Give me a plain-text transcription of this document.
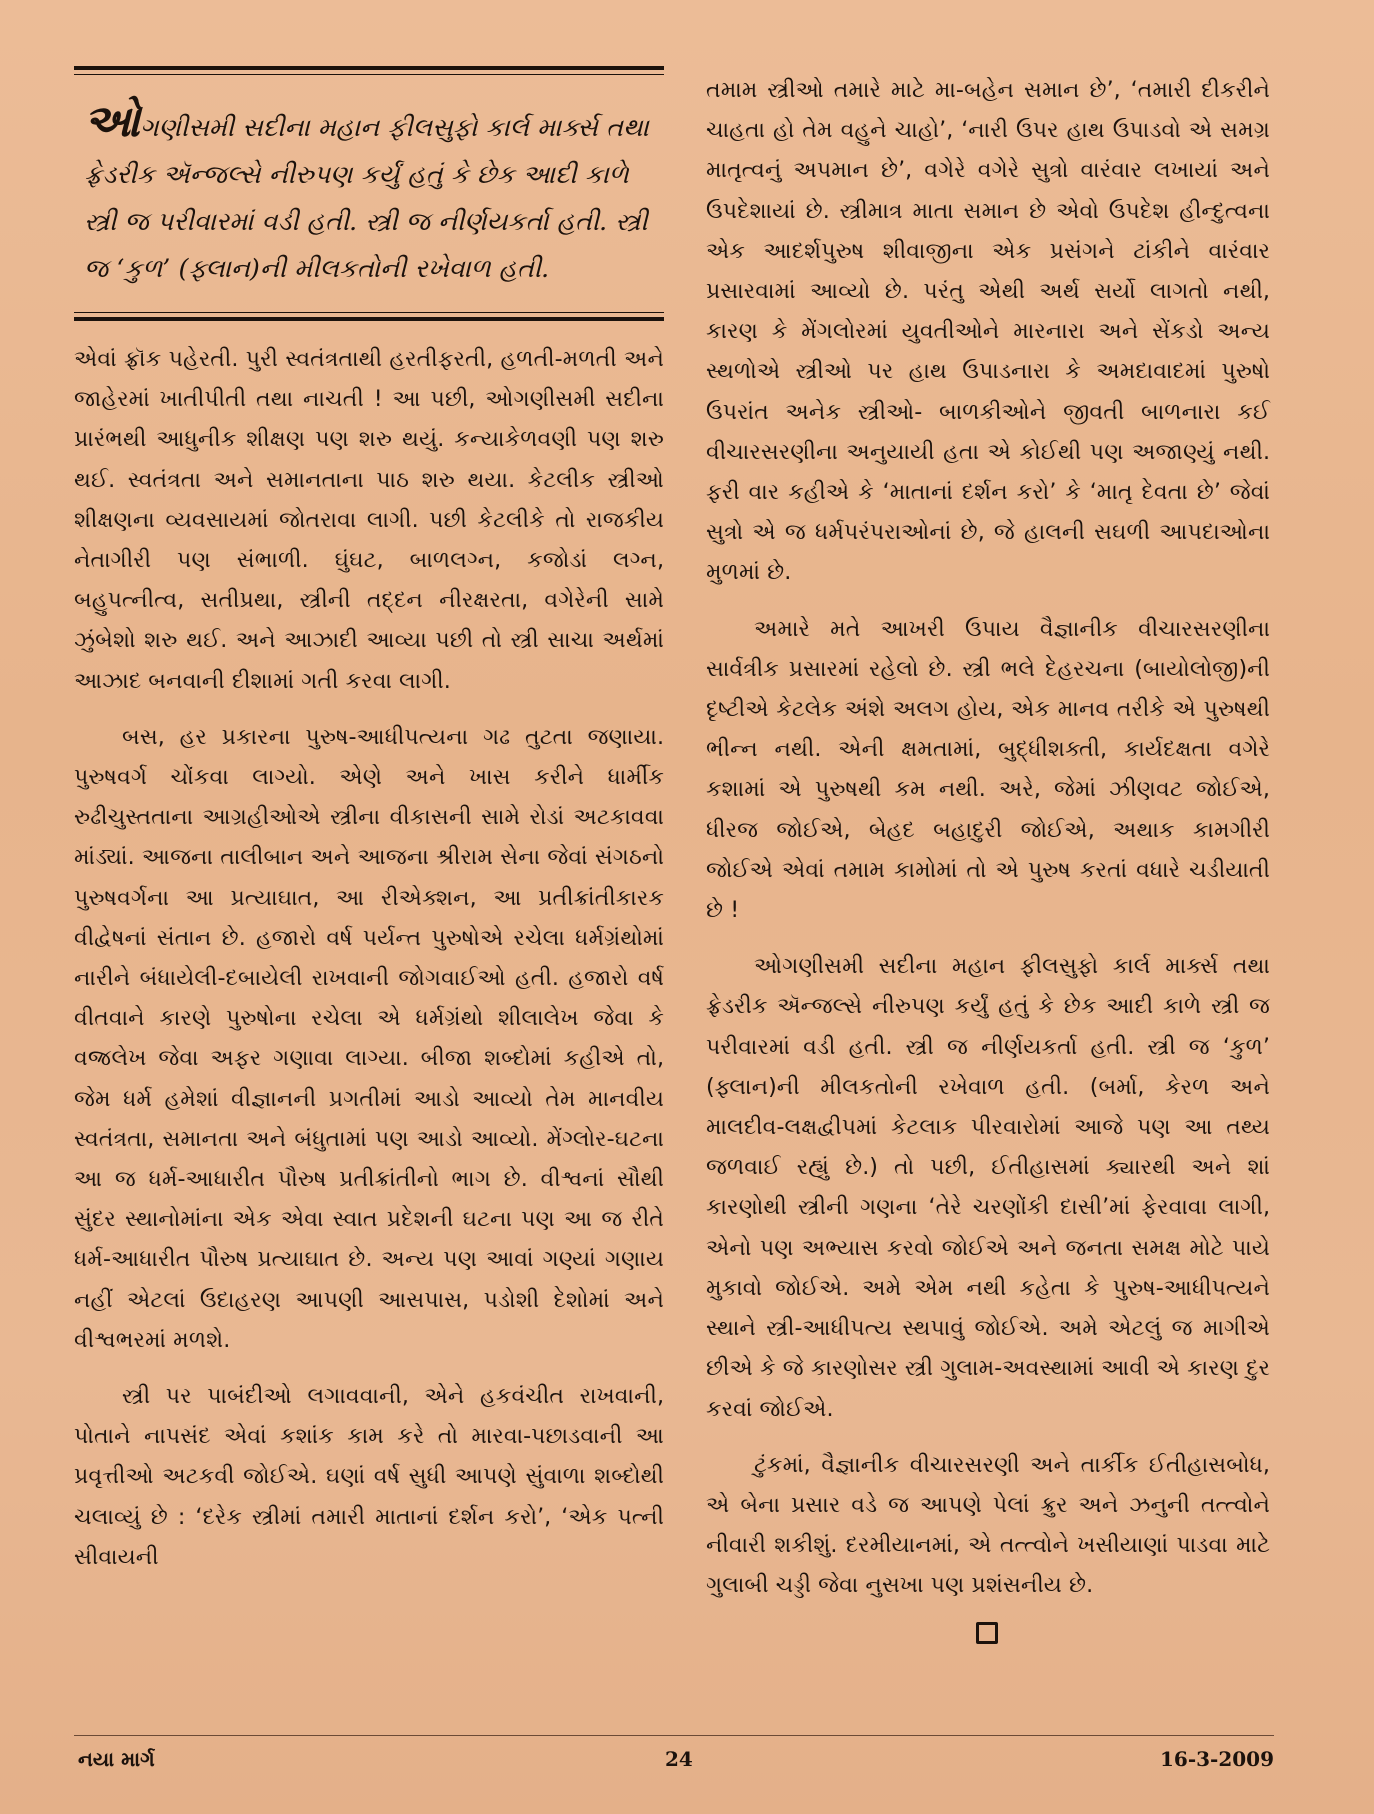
ઓગણીસમી સદીના મહાન ફીલસુફો કાર્લ માર્ક્સ તથા ફ્રેડરીક ઍન્જલ્સે નીરુપણ કર્યું હતું કે છેક આદી કાળે સ્ત્રી જ પરીવારમાં વડી હતી. સ્ત્રી જ નીર્ણયકર્તા હતી. સ્ત્રી જ ‘કુળ’ (ફ્લાન)ની મીલકતોની રખેવાળ હતી.

એવાં ફ્રૉક પહેરતી. પુરી સ્વતંત્રતાથી હરતીફરતી, હળતી-મળતી અને જાહેરમાં ખાતીપીતી તથા નાચતી ! આ પછી, ઓગણીસમી સદીના પ્રારંભથી આધુનીક શીક્ષણ પણ શરુ થયું. કન્યાકેળવણી પણ શરુ થઈ. સ્વતંત્રતા અને સમાનતાના પાઠ શરુ થયા. કેટલીક સ્ત્રીઓ શીક્ષણના વ્યવસાયમાં જોતરાવા લાગી. પછી કેટલીકે તો રાજકીય નેતાગીરી પણ સંભાળી. ઘુંઘટ, બાળલગ્ન, કજોડાં લગ્ન, બહુપત્નીત્વ, સતીપ્રથા, સ્ત્રીની તદ્દન નીરક્ષરતા, વગેરેની સામે ઝુંબેશો શરુ થઈ. અને આઝાદી આવ્યા પછી તો સ્ત્રી સાચા અર્થમાં આઝાદ બનવાની દીશામાં ગતી કરવા લાગી.

બસ, હર પ્રકારના પુરુષ-આધીપત્યના ગઢ તુટતા જણાયા. પુરુષવર્ગ ચોંકવા લાગ્યો. એણે અને ખાસ કરીને ધાર્મીક રુઢીચુસ્તતાના આગ્રહીઓએ સ્ત્રીના વીકાસની સામે રોડાં અટકાવવા માંડ્યાં. આજના તાલીબાન અને આજના શ્રીરામ સેના જેવાં સંગઠનો પુરુષવર્ગના આ પ્રત્યાઘાત, આ રીએક્શન, આ પ્રતીક્રાંતીકારક વીદ્વેષનાં સંતાન છે. હજારો વર્ષ પર્યન્ત પુરુષોએ રચેલા ધર્મગ્રંથોમાં નારીને બંધાયેલી-દબાયેલી રાખવાની જોગવાઈઓ હતી. હજારો વર્ષ વીતવાને કારણે પુરુષોના રચેલા એ ધર્મગ્રંથો શીલાલેખ જેવા કે વજ્રલેખ જેવા અફર ગણાવા લાગ્યા. બીજા શબ્દોમાં કહીએ તો, જેમ ધર્મ હમેશાં વીજ્ઞાનની પ્રગતીમાં આડો આવ્યો તેમ માનવીય સ્વતંત્રતા, સમાનતા અને બંધુતામાં પણ આડો આવ્યો. મેંગ્લોર-ઘટના આ જ ધર્મ-આધારીત પૌરુષ પ્રતીક્રાંતીનો ભાગ છે. વીશ્વનાં સૌથી સુંદર સ્થાનોમાંના એક એવા સ્વાત પ્રદેશની ઘટના પણ આ જ રીતે ધર્મ-આધારીત પૌરુષ પ્રત્યાઘાત છે. અન્ય પણ આવાં ગણ્યાં ગણાય નહીં એટલાં ઉદાહરણ આપણી આસપાસ, પડોશી દેશોમાં અને વીશ્વભરમાં મળશે.

સ્ત્રી પર પાબંદીઓ લગાવવાની, એને હકવંચીત રાખવાની, પોતાને નાપસંદ એવાં કશાંક કામ કરે તો મારવા-પછાડવાની આ પ્રવૃત્તીઓ અટકવી જોઈએ. ઘણાં વર્ષ સુધી આપણે સુંવાળા શબ્દોથી ચલાવ્યું છે : ‘દરેક સ્ત્રીમાં તમારી માતાનાં દર્શન કરો’, ‘એક પત્ની સીવાયની

તમામ સ્ત્રીઓ તમારે માટે મા-બહેન સમાન છે’, ‘તમારી દીકરીને ચાહતા હો તેમ વહુને ચાહો’, ‘નારી ઉપર હાથ ઉપાડવો એ સમગ્ર માતૃત્વનું અપમાન છે’, વગેરે વગેરે સુત્રો વારંવાર લખાયાં અને ઉપદેશાયાં છે. સ્ત્રીમાત્ર માતા સમાન છે એવો ઉપદેશ હીન્દુત્વના એક આદર્શપુરુષ શીવાજીના એક પ્રસંગને ટાંકીને વારંવાર પ્રસારવામાં આવ્યો છે. પરંતુ એથી અર્થ સર્યો લાગતો નથી, કારણ કે મેંગલોરમાં યુવતીઓને મારનારા અને સેંકડો અન્ય સ્થળોએ સ્ત્રીઓ પર હાથ ઉપાડનારા કે અમદાવાદમાં પુરુષો ઉપરાંત અનેક સ્ત્રીઓ- બાળકીઓને જીવતી બાળનારા કઈ વીચારસરણીના અનુયાયી હતા એ કોઈથી પણ અજાણ્યું નથી. ફરી વાર કહીએ કે ‘માતાનાં દર્શન કરો’ કે ‘માતૃ દેવતા છે’ જેવાં સુત્રો એ જ ધર્મપરંપરાઓનાં છે, જે હાલની સઘળી આપદાઓના મુળમાં છે.

અમારે મતે આખરી ઉપાય વૈજ્ઞાનીક વીચારસરણીના સાર્વત્રીક પ્રસારમાં રહેલો છે. સ્ત્રી ભલે દેહરચના (બાયોલોજી)ની દૃષ્ટીએ કેટલેક અંશે અલગ હોય, એક માનવ તરીકે એ પુરુષથી ભીન્ન નથી. એની ક્ષમતામાં, બુદ્ધીશક્તી, કાર્યદક્ષતા વગેરે કશામાં એ પુરુષથી કમ નથી. અરે, જેમાં ઝીણવટ જોઈએ, ધીરજ જોઈએ, બેહદ બહાદુરી જોઈએ, અથાક કામગીરી જોઈએ એવાં તમામ કામોમાં તો એ પુરુષ કરતાં વધારે ચડીયાતી છે !

ઓગણીસમી સદીના મહાન ફીલસુફો કાર્લ માર્ક્સ તથા ફ્રેડરીક ઍન્જલ્સે નીરુપણ કર્યું હતું કે છેક આદી કાળે સ્ત્રી જ પરીવારમાં વડી હતી. સ્ત્રી જ નીર્ણયકર્તા હતી. સ્ત્રી જ ‘કુળ’ (ફ્લાન)ની મીલકતોની રખેવાળ હતી. (બર્મા, કેરળ અને માલદીવ-લક્ષદ્વીપમાં કેટલાક પીરવારોમાં આજે પણ આ તથ્ય જળવાઈ રહ્યું છે.) તો પછી, ઈતીહાસમાં ક્યારથી અને શાં કારણોથી સ્ત્રીની ગણના ‘તેરે ચરણોંકી દાસી’માં ફેરવાવા લાગી, એનો પણ અભ્યાસ કરવો જોઈએ અને જનતા સમક્ષ મોટે પાયે મુકાવો જોઈએ. અમે એમ નથી કહેતા કે પુરુષ-આધીપત્યને સ્થાને સ્ત્રી-આધીપત્ય સ્થપાવું જોઈએ. અમે એટલું જ માગીએ છીએ કે જે કારણોસર સ્ત્રી ગુલામ-અવસ્થામાં આવી એ કારણ દુર કરવાં જોઈએ.

ટુંકમાં, વૈજ્ઞાનીક વીચારસરણી અને તાર્કીક ઈતીહાસબોધ, એ બેના પ્રસાર વડે જ આપણે પેલાં ક્રુર અને ઝનુની તત્ત્વોને નીવારી શકીશું. દરમીયાનમાં, એ તત્ત્વોને ખસીયાણાં પાડવા માટે ગુલાબી ચડ્ડી જેવા નુસખા પણ પ્રશંસનીય છે.

નયા માર્ગ	24	16-3-2009
